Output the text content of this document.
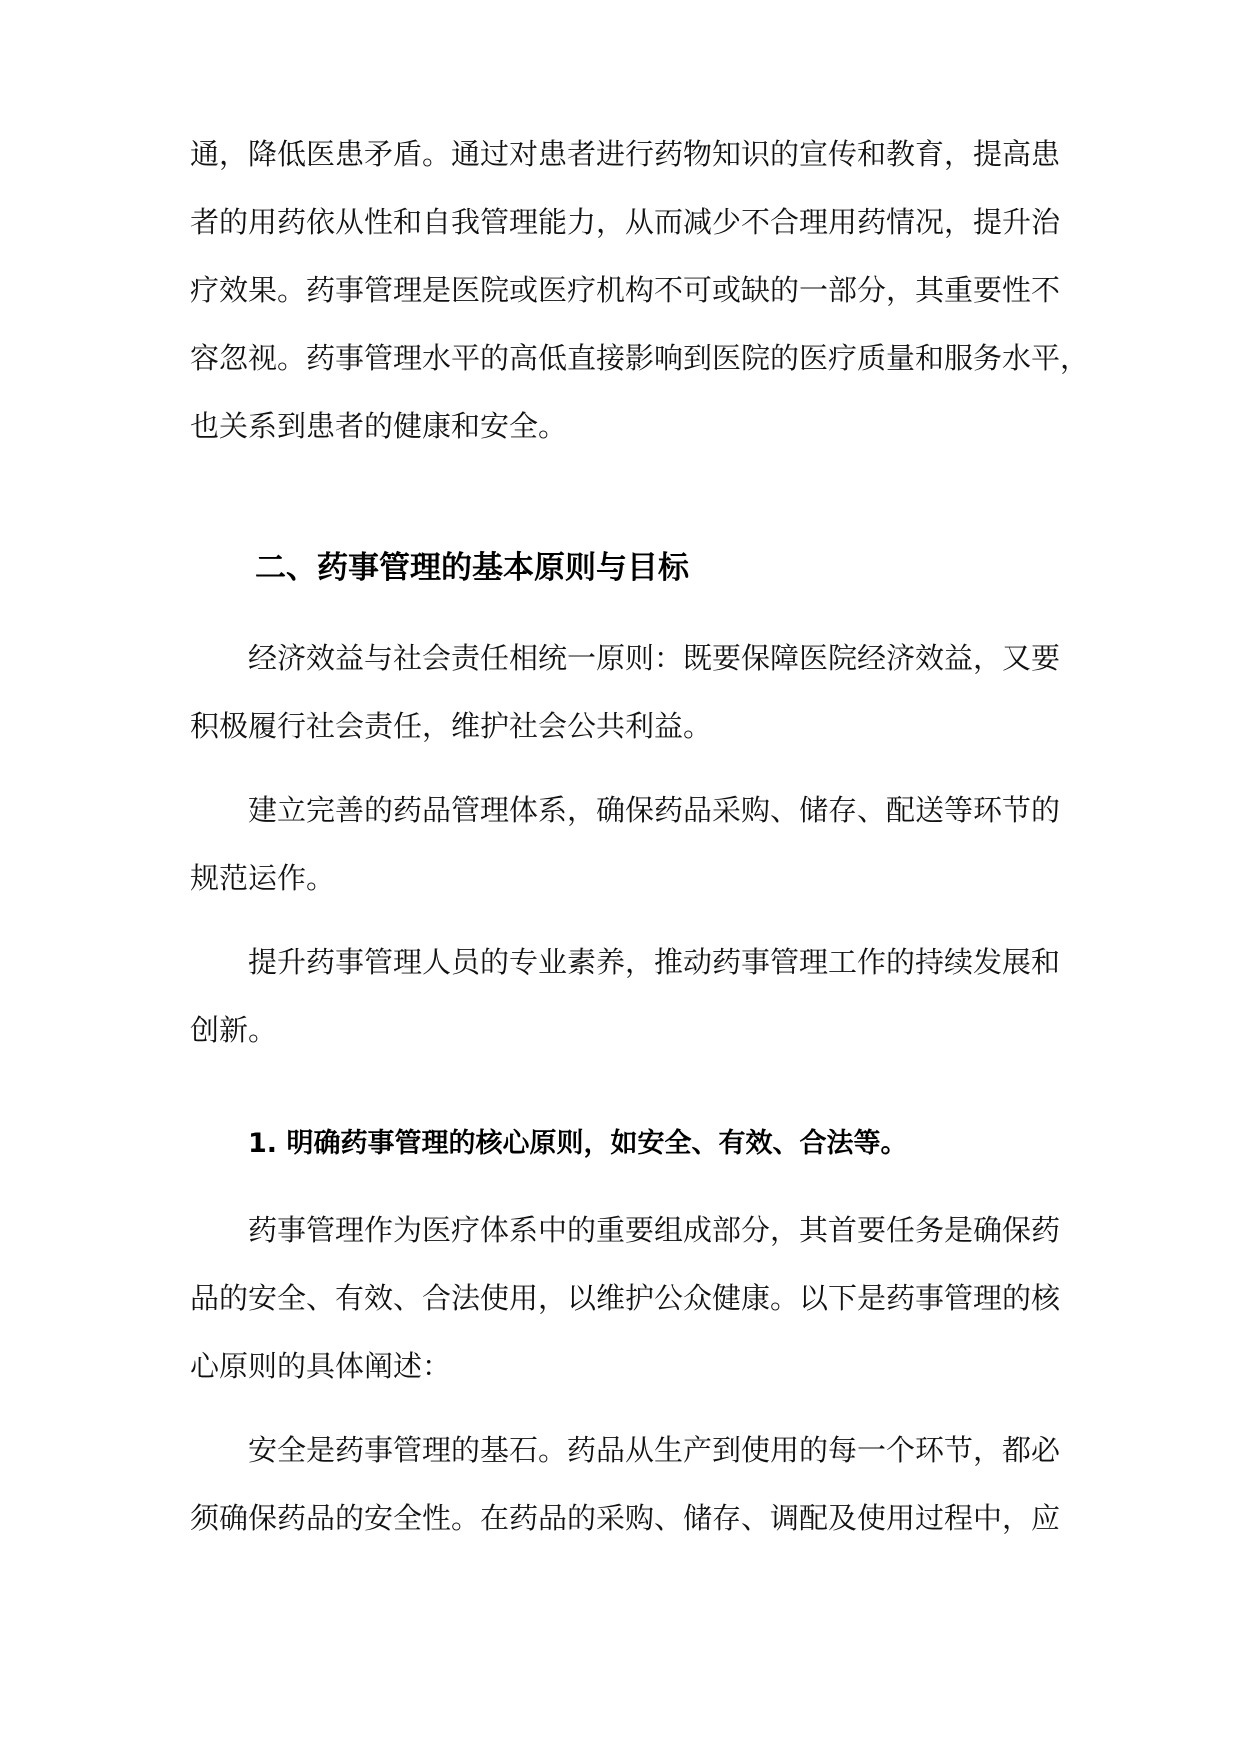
通，降低医患矛盾。通过对患者进行药物知识的宣传和教育，提高患
者的用药依从性和自我管理能力，从而减少不合理用药情况，提升治
疗效果。药事管理是医院或医疗机构不可或缺的一部分，其重要性不
容忽视。药事管理水平的高低直接影响到医院的医疗质量和服务水平，
也关系到患者的健康和安全。
二、药事管理的基本原则与目标
经济效益与社会责任相统一原则：既要保障医院经济效益，又要
积极履行社会责任，维护社会公共利益。
建立完善的药品管理体系，确保药品采购、储存、配送等环节的
规范运作。
提升药事管理人员的专业素养，推动药事管理工作的持续发展和
创新。
1. 明确药事管理的核心原则，如安全、有效、合法等。
药事管理作为医疗体系中的重要组成部分，其首要任务是确保药
品的安全、有效、合法使用，以维护公众健康。以下是药事管理的核
心原则的具体阐述：
安全是药事管理的基石。药品从生产到使用的每一个环节，都必
须确保药品的安全性。在药品的采购、储存、调配及使用过程中，应
